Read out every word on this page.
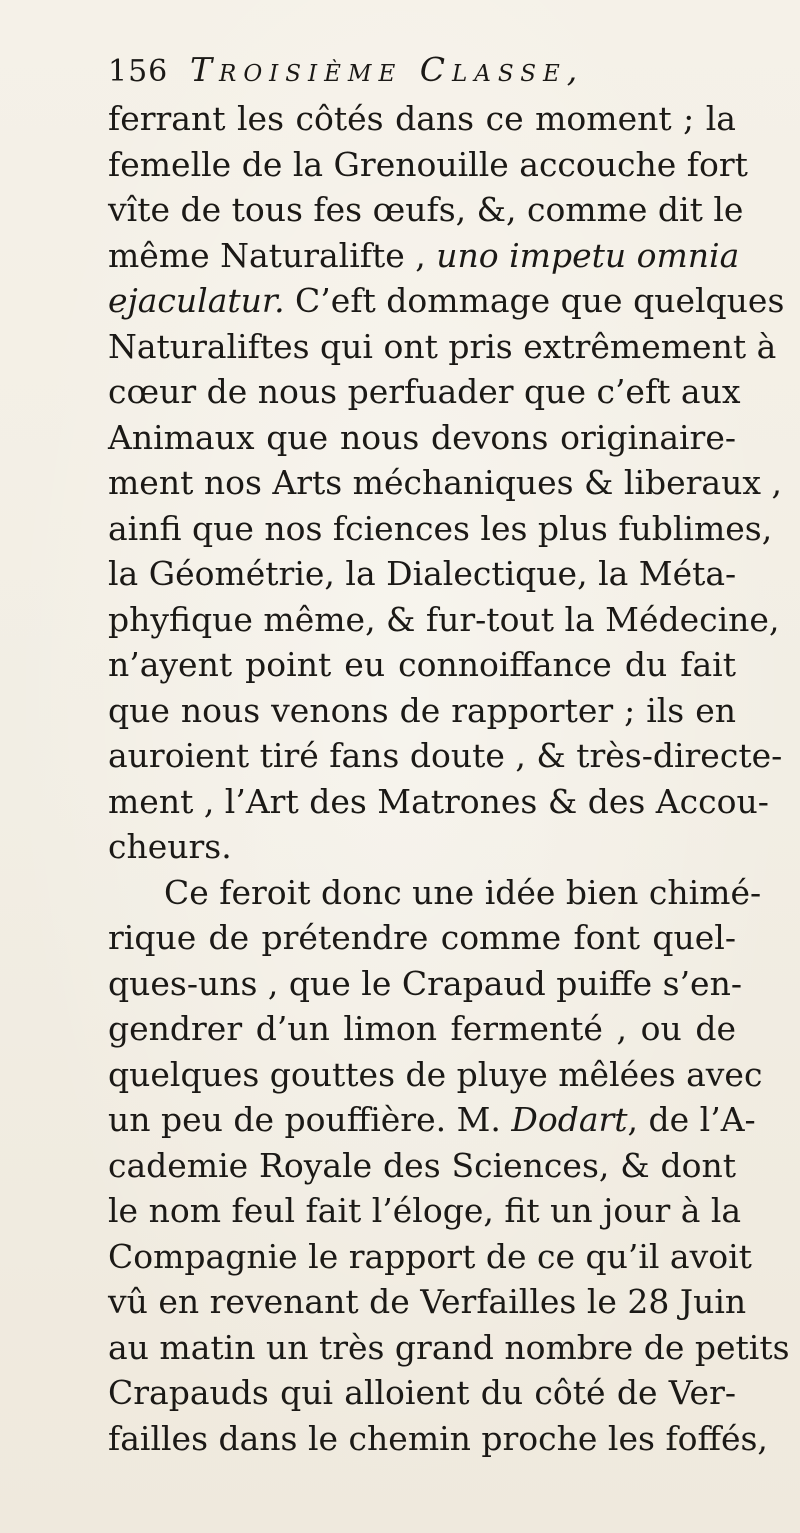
156 Troisième Classe,
ferrant les côtés dans ce moment ; la
femelle de la Grenouille accouche fort
vîte de tous fes œufs, &, comme dit le
même Naturalifte , uno impetu omnia
ejaculatur. C’eft dommage que quelques
Naturaliftes qui ont pris extrêmement à
cœur de nous perfuader que c’eft aux
Animaux que nous devons originaire-
ment nos Arts méchaniques & liberaux ,
ainfi que nos fciences les plus fublimes,
la Géométrie, la Dialectique, la Méta-
phyfique même, & fur-tout la Médecine,
n’ayent point eu connoiffance du fait
que nous venons de rapporter ; ils en
auroient tiré fans doute , & très-directe-
ment , l’Art des Matrones & des Accou-
cheurs.
Ce feroit donc une idée bien chimé-
rique de prétendre comme font quel-
ques-uns , que le Crapaud puiffe s’en-
gendrer d’un limon fermenté , ou de
quelques gouttes de pluye mêlées avec
un peu de pouffière. M. Dodart, de l’A-
cademie Royale des Sciences, & dont
le nom feul fait l’éloge, fit un jour à la
Compagnie le rapport de ce qu’il avoit
vû en revenant de Verfailles le 28 Juin
au matin un très grand nombre de petits
Crapauds qui alloient du côté de Ver-
failles dans le chemin proche les foffés,
